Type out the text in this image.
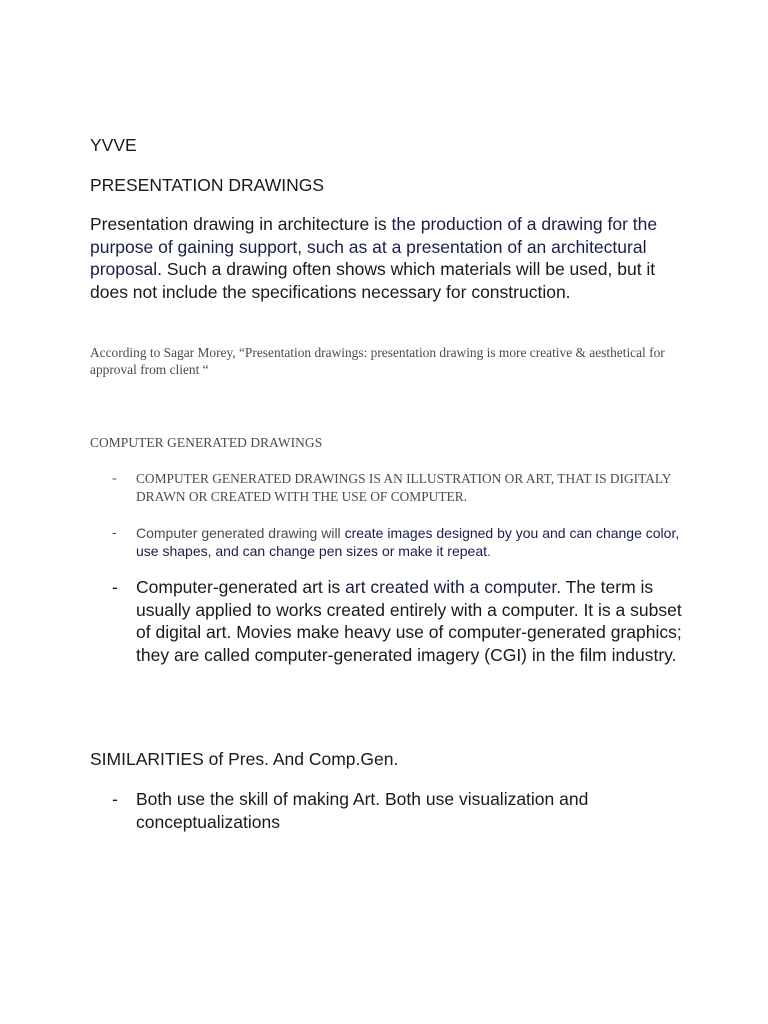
YVVE
PRESENTATION DRAWINGS

Presentation drawing in architecture is the production of a drawing for the purpose of gaining support, such as at a presentation of an architectural proposal. Such a drawing often shows which materials will be used, but it does not include the specifications necessary for construction.

According to Sagar Morey, “Presentation drawings: presentation drawing is more creative & aesthetical for approval from client “

COMPUTER GENERATED DRAWINGS
- COMPUTER GENERATED DRAWINGS IS AN ILLUSTRATION OR ART, THAT IS DIGITALY DRAWN OR CREATED WITH THE USE OF COMPUTER.

- Computer generated drawing will create images designed by you and can change color, use shapes, and can change pen sizes or make it repeat.

- Computer-generated art is art created with a computer. The term is usually applied to works created entirely with a computer. It is a subset of digital art. Movies make heavy use of computer-generated graphics; they are called computer-generated imagery (CGI) in the film industry.

SIMILARITIES of Pres. And Comp.Gen.
- Both use the skill of making Art. Both use visualization and conceptualizations
